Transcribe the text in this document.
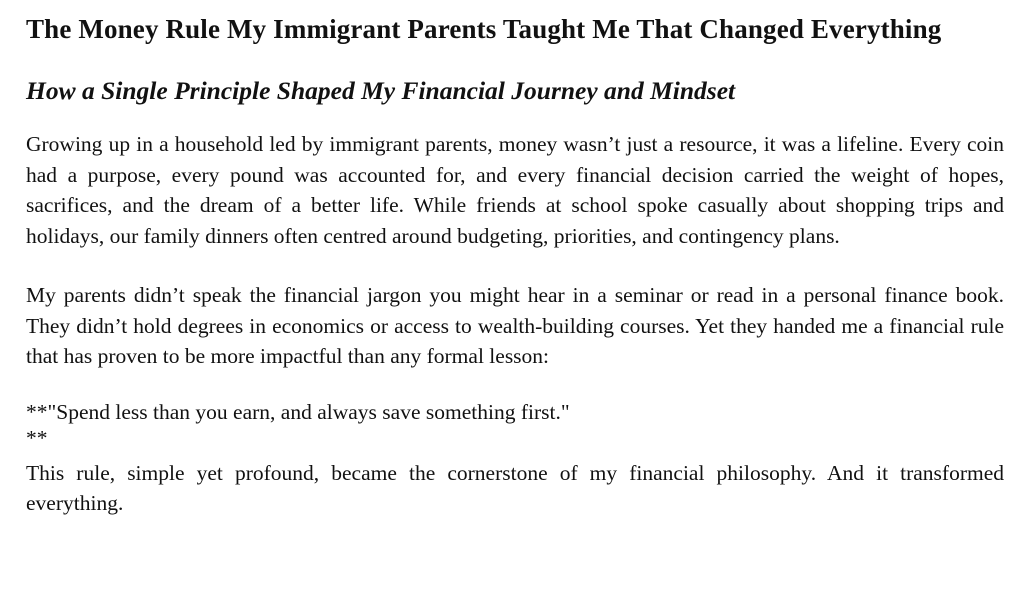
The Money Rule My Immigrant Parents Taught Me That Changed Everything
How a Single Principle Shaped My Financial Journey and Mindset

Growing up in a household led by immigrant parents, money wasn’t just a resource, it was a lifeline. Every coin had a purpose, every pound was accounted for, and every financial decision carried the weight of hopes, sacrifices, and the dream of a better life. While friends at school spoke casually about shopping trips and holidays, our family dinners often centred around budgeting, priorities, and contingency plans.

My parents didn’t speak the financial jargon you might hear in a seminar or read in a personal finance book. They didn’t hold degrees in economics or access to wealth-building courses. Yet they handed me a financial rule that has proven to be more impactful than any formal lesson:

**"Spend less than you earn, and always save something first."

**

This rule, simple yet profound, became the cornerstone of my financial philosophy. And it transformed everything.
